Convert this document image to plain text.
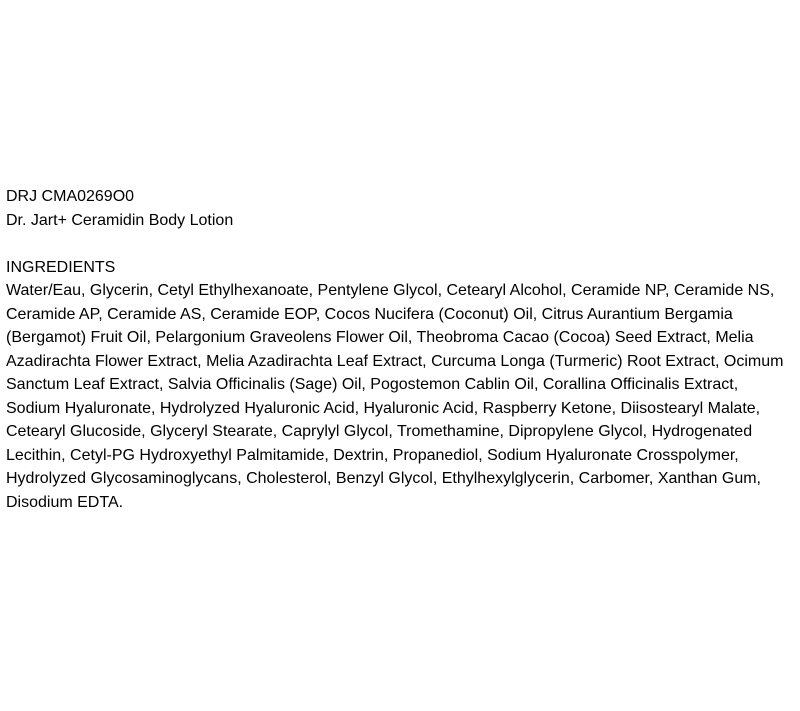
DRJ CMA0269O0

Dr. Jart+ Ceramidin Body Lotion

INGREDIENTS

Water/Eau, Glycerin, Cetyl Ethylhexanoate, Pentylene Glycol, Cetearyl Alcohol, Ceramide NP, Ceramide NS, Ceramide AP, Ceramide AS, Ceramide EOP, Cocos Nucifera (Coconut) Oil, Citrus Aurantium Bergamia (Bergamot) Fruit Oil, Pelargonium Graveolens Flower Oil, Theobroma Cacao (Cocoa) Seed Extract, Melia Azadirachta Flower Extract, Melia Azadirachta Leaf Extract, Curcuma Longa (Turmeric) Root Extract, Ocimum Sanctum Leaf Extract, Salvia Officinalis (Sage) Oil, Pogostemon Cablin Oil, Corallina Officinalis Extract, Sodium Hyaluronate, Hydrolyzed Hyaluronic Acid, Hyaluronic Acid, Raspberry Ketone, Diisostearyl Malate, Cetearyl Glucoside, Glyceryl Stearate, Caprylyl Glycol, Tromethamine, Dipropylene Glycol, Hydrogenated Lecithin, Cetyl-PG Hydroxyethyl Palmitamide, Dextrin, Propanediol, Sodium Hyaluronate Crosspolymer, Hydrolyzed Glycosaminoglycans, Cholesterol, Benzyl Glycol, Ethylhexylglycerin, Carbomer, Xanthan Gum, Disodium EDTA.
